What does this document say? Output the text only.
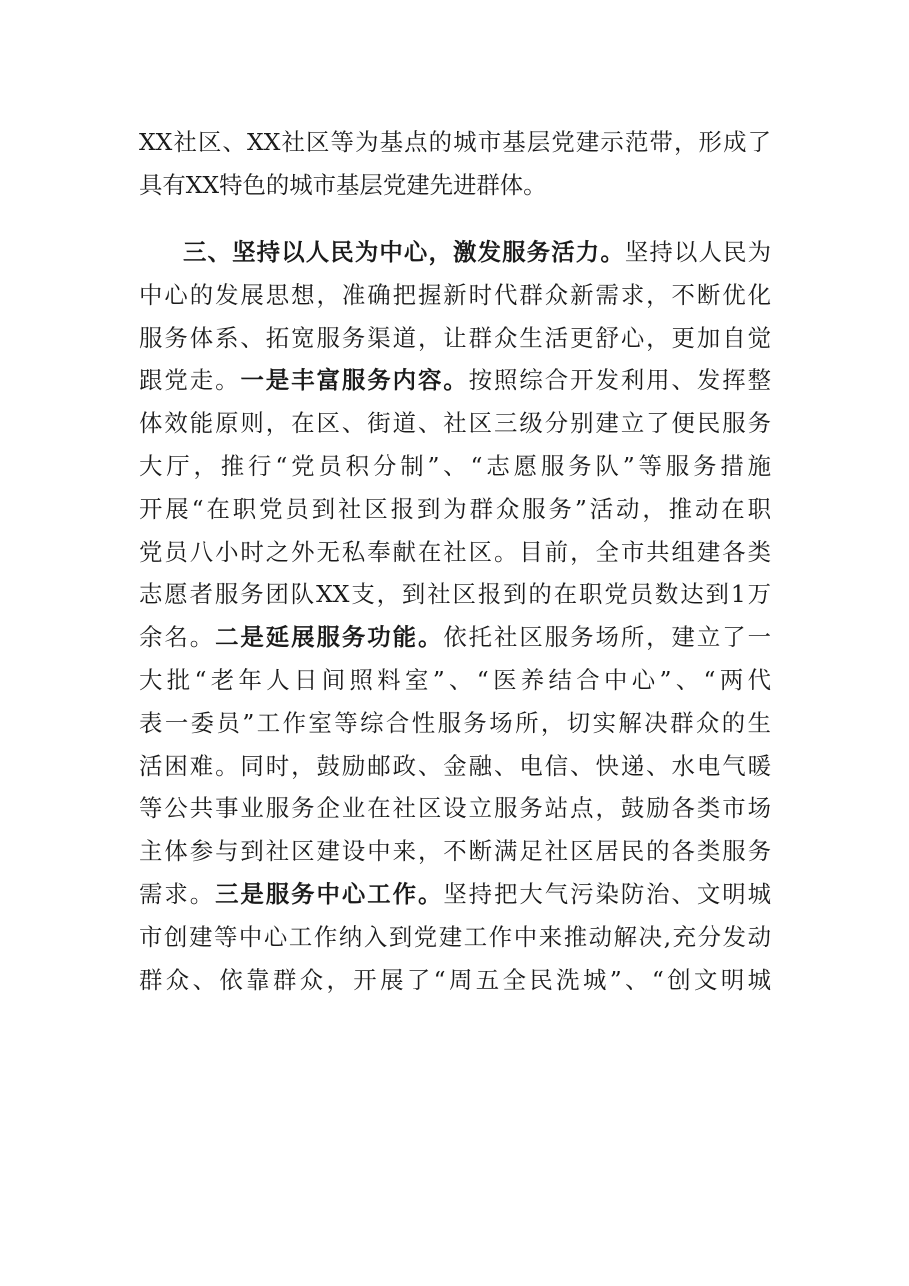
XX社区、XX社区等为基点的城市基层党建示范带，形成了
具有XX特色的城市基层党建先进群体。
三、坚持以人民为中心，激发服务活力。坚持以人民为
中心的发展思想，准确把握新时代群众新需求，不断优化
服务体系、拓宽服务渠道，让群众生活更舒心，更加自觉
跟党走。一是丰富服务内容。按照综合开发利用、发挥整
体效能原则，在区、街道、社区三级分别建立了便民服务
大厅，推行“党员积分制”、“志愿服务队”等服务措施
开展“在职党员到社区报到为群众服务”活动，推动在职
党员八小时之外无私奉献在社区。目前，全市共组建各类
志愿者服务团队XX支，到社区报到的在职党员数达到1万
余名。二是延展服务功能。依托社区服务场所，建立了一
大批“老年人日间照料室”、“医养结合中心”、“两代
表一委员”工作室等综合性服务场所，切实解决群众的生
活困难。同时，鼓励邮政、金融、电信、快递、水电气暖
等公共事业服务企业在社区设立服务站点，鼓励各类市场
主体参与到社区建设中来，不断满足社区居民的各类服务
需求。三是服务中心工作。坚持把大气污染防治、文明城
市创建等中心工作纳入到党建工作中来推动解决,充分发动
群众、依靠群众，开展了“周五全民洗城”、“创文明城
